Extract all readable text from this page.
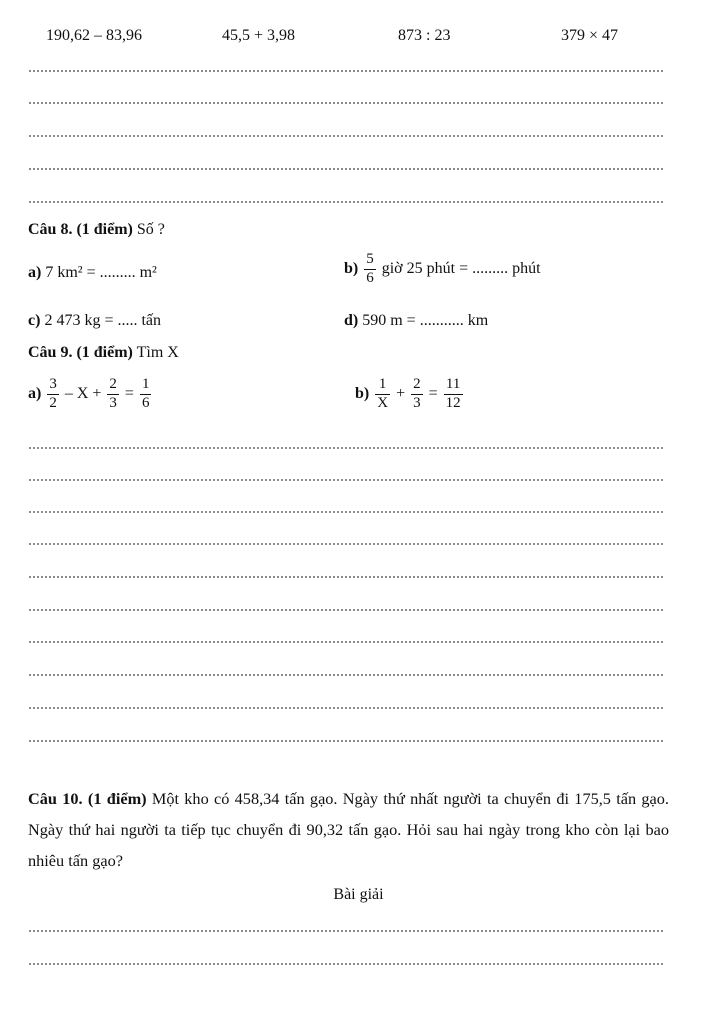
190,62 – 83,96	45,5 + 3,98	873 : 23	379 × 47
Câu 8. (1 điểm) Số ?
a) 7 km² = ......... m²	$b) \frac{5}{6}$ giờ 25 phút = ......... phút
c) 2 473 kg = ..... tấn	d) 590 m = ........... km
Câu 9. (1 điểm) Tìm X
$a) \frac{3}{2} - X + \frac{2}{3} = \frac{1}{6}$	$b) \frac{1}{X} + \frac{2}{3} = \frac{11}{12}$
Câu 10. (1 điểm) Một kho có 458,34 tấn gạo. Ngày thứ nhất người ta chuyển đi 175,5 tấn gạo. Ngày thứ hai người ta tiếp tục chuyển đi 90,32 tấn gạo. Hỏi sau hai ngày trong kho còn lại bao nhiêu tấn gạo?
Bài giải
